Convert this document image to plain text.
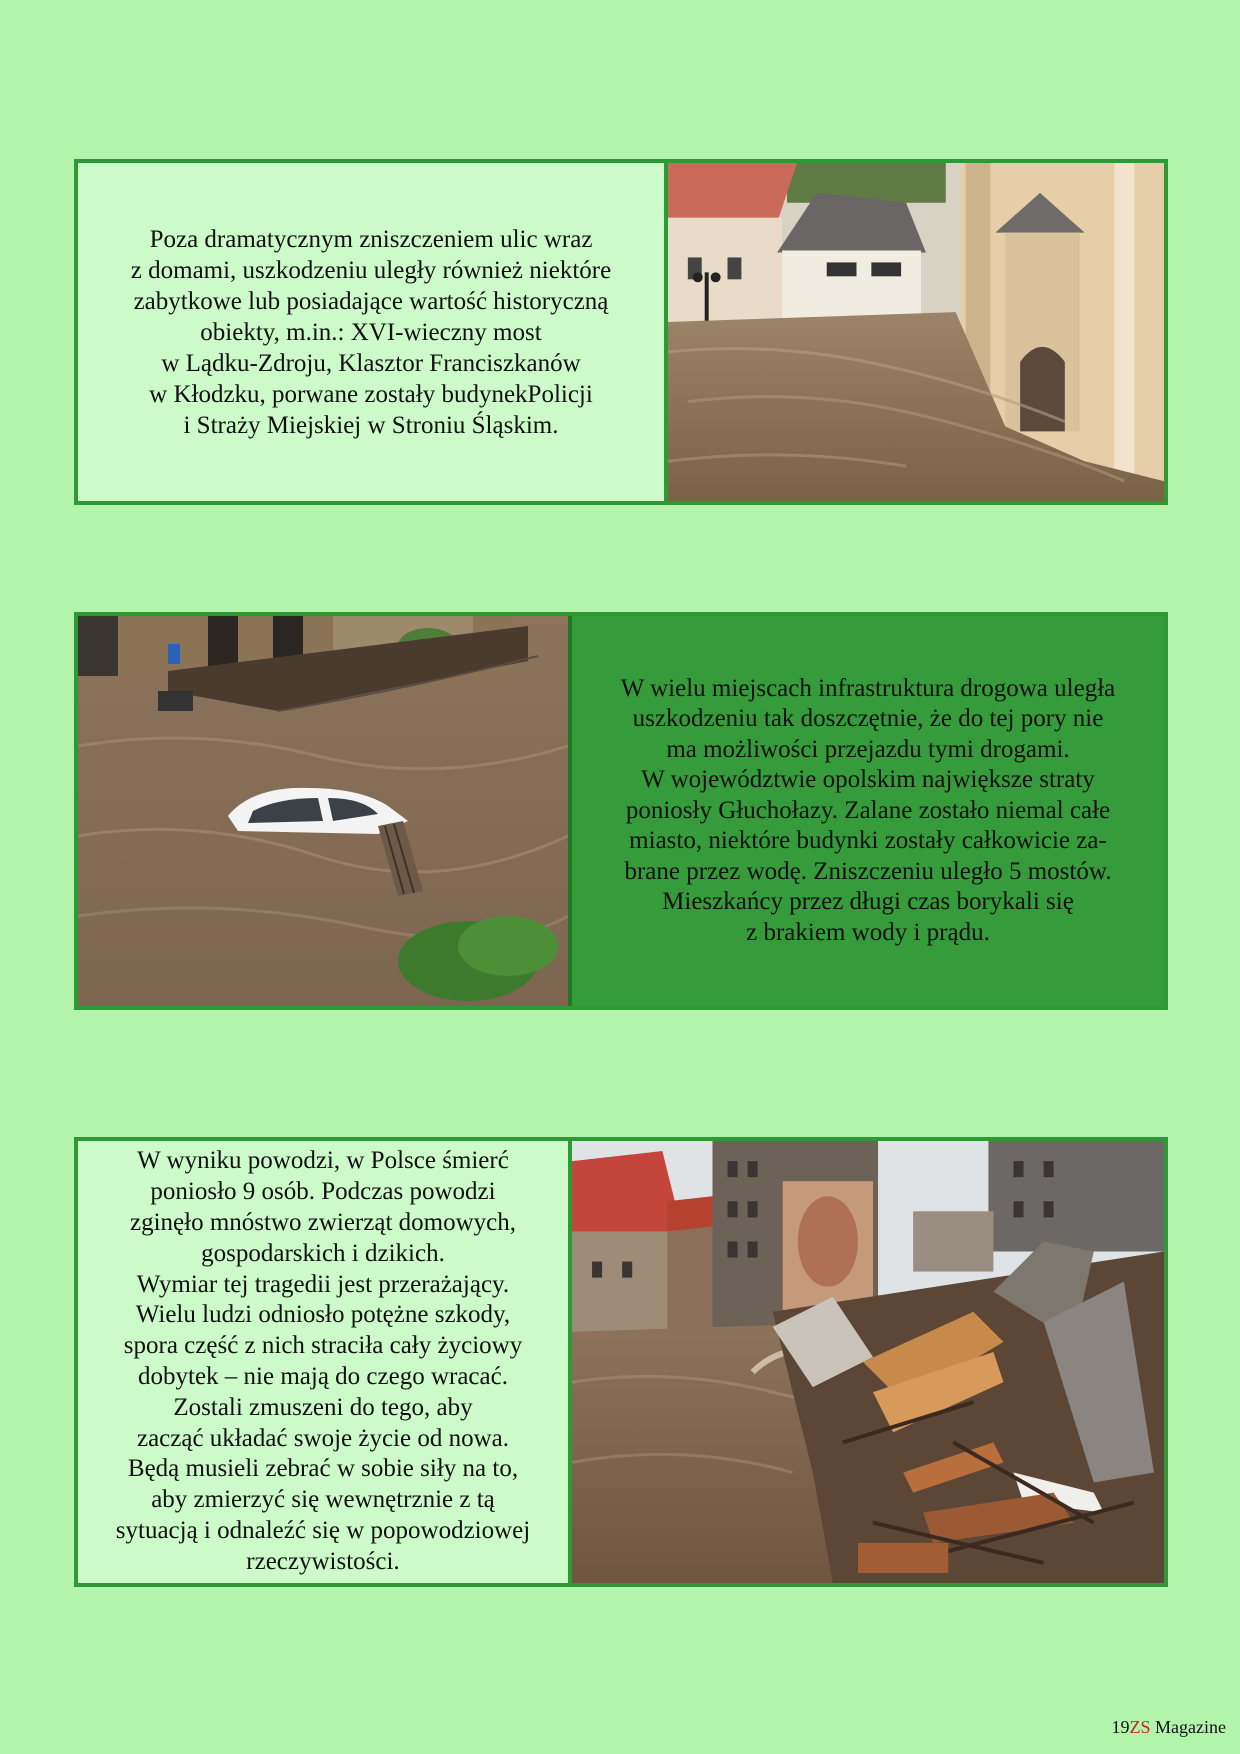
Poza dramatycznym zniszczeniem ulic wraz
z domami, uszkodzeniu uległy również niektóre
zabytkowe lub posiadające wartość historyczną
obiekty, m.in.: XVI-wieczny most
w Lądku-Zdroju, Klasztor Franciszkanów
w Kłodzku, porwane zostały budynekPolicji
i Straży Miejskiej w Stroniu Śląskim.

W wielu miejscach infrastruktura drogowa uległa
uszkodzeniu tak doszczętnie, że do tej pory nie
ma możliwości przejazdu tymi drogami.
W województwie opolskim największe straty
poniosły Głuchołazy. Zalane zostało niemal całe
miasto, niektóre budynki zostały całkowicie za-
brane przez wodę. Zniszczeniu uległo 5 mostów.
Mieszkańcy przez długi czas borykali się
z brakiem wody i prądu.

W wyniku powodzi, w Polsce śmierć
poniosło 9 osób. Podczas powodzi
zginęło mnóstwo zwierząt domowych,
gospodarskich i dzikich.
Wymiar tej tragedii jest przerażający.
Wielu ludzi odniosło potężne szkody,
spora część z nich straciła cały życiowy
dobytek – nie mają do czego wracać.
Zostali zmuszeni do tego, aby
zacząć układać swoje życie od nowa.
Będą musieli zebrać w sobie siły na to,
aby zmierzyć się wewnętrznie z tą
sytuacją i odnaleźć się w popowodziowej
rzeczywistości.

19ZS Magazine
